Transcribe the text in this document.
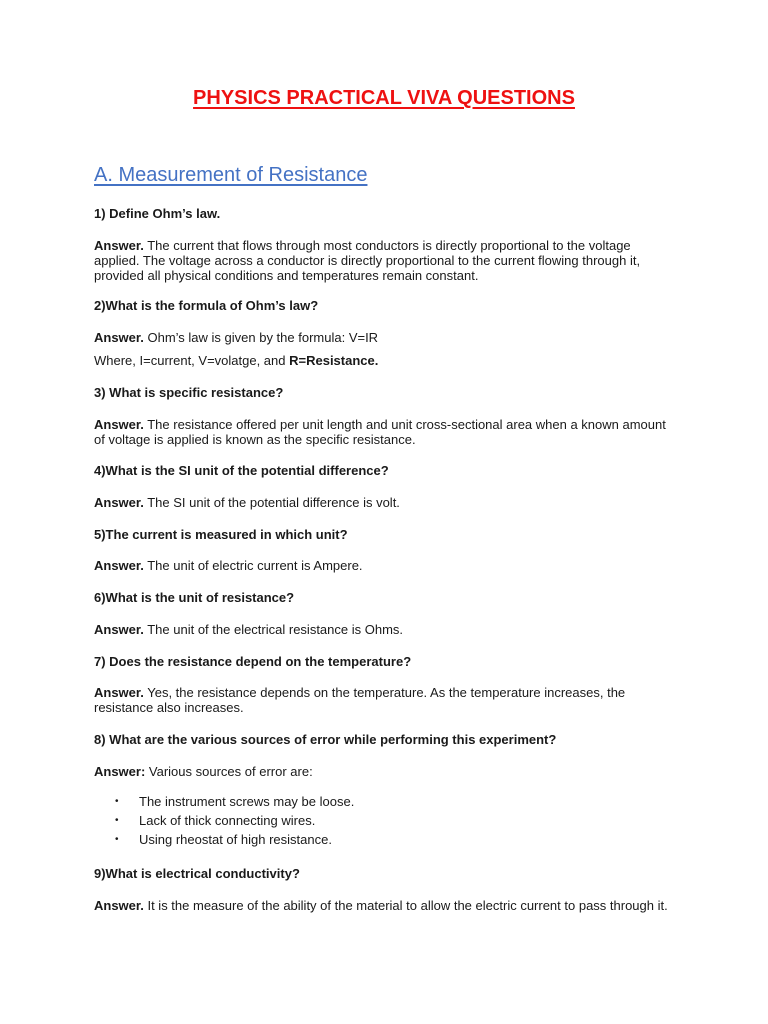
PHYSICS PRACTICAL VIVA QUESTIONS
A. Measurement of Resistance

1) Define Ohm’s law.

Answer. The current that flows through most conductors is directly proportional to the voltage applied. The voltage across a conductor is directly proportional to the current flowing through it, provided all physical conditions and temperatures remain constant.

2)What is the formula of Ohm’s law?

Answer. Ohm’s law is given by the formula: V=IR

Where, I=current, V=volatge, and R=Resistance.

3) What is specific resistance?

Answer. The resistance offered per unit length and unit cross-sectional area when a known amount of voltage is applied is known as the specific resistance.

4)What is the SI unit of the potential difference?

Answer. The SI unit of the potential difference is volt.

5)The current is measured in which unit?

Answer. The unit of electric current is Ampere.

6)What is the unit of resistance?

Answer. The unit of the electrical resistance is Ohms.

7) Does the resistance depend on the temperature?

Answer. Yes, the resistance depends on the temperature. As the temperature increases, the resistance also increases.

8) What are the various sources of error while performing this experiment?

Answer: Various sources of error are:

• The instrument screws may be loose.
• Lack of thick connecting wires.
• Using rheostat of high resistance.

9)What is electrical conductivity?

Answer. It is the measure of the ability of the material to allow the electric current to pass through it.
